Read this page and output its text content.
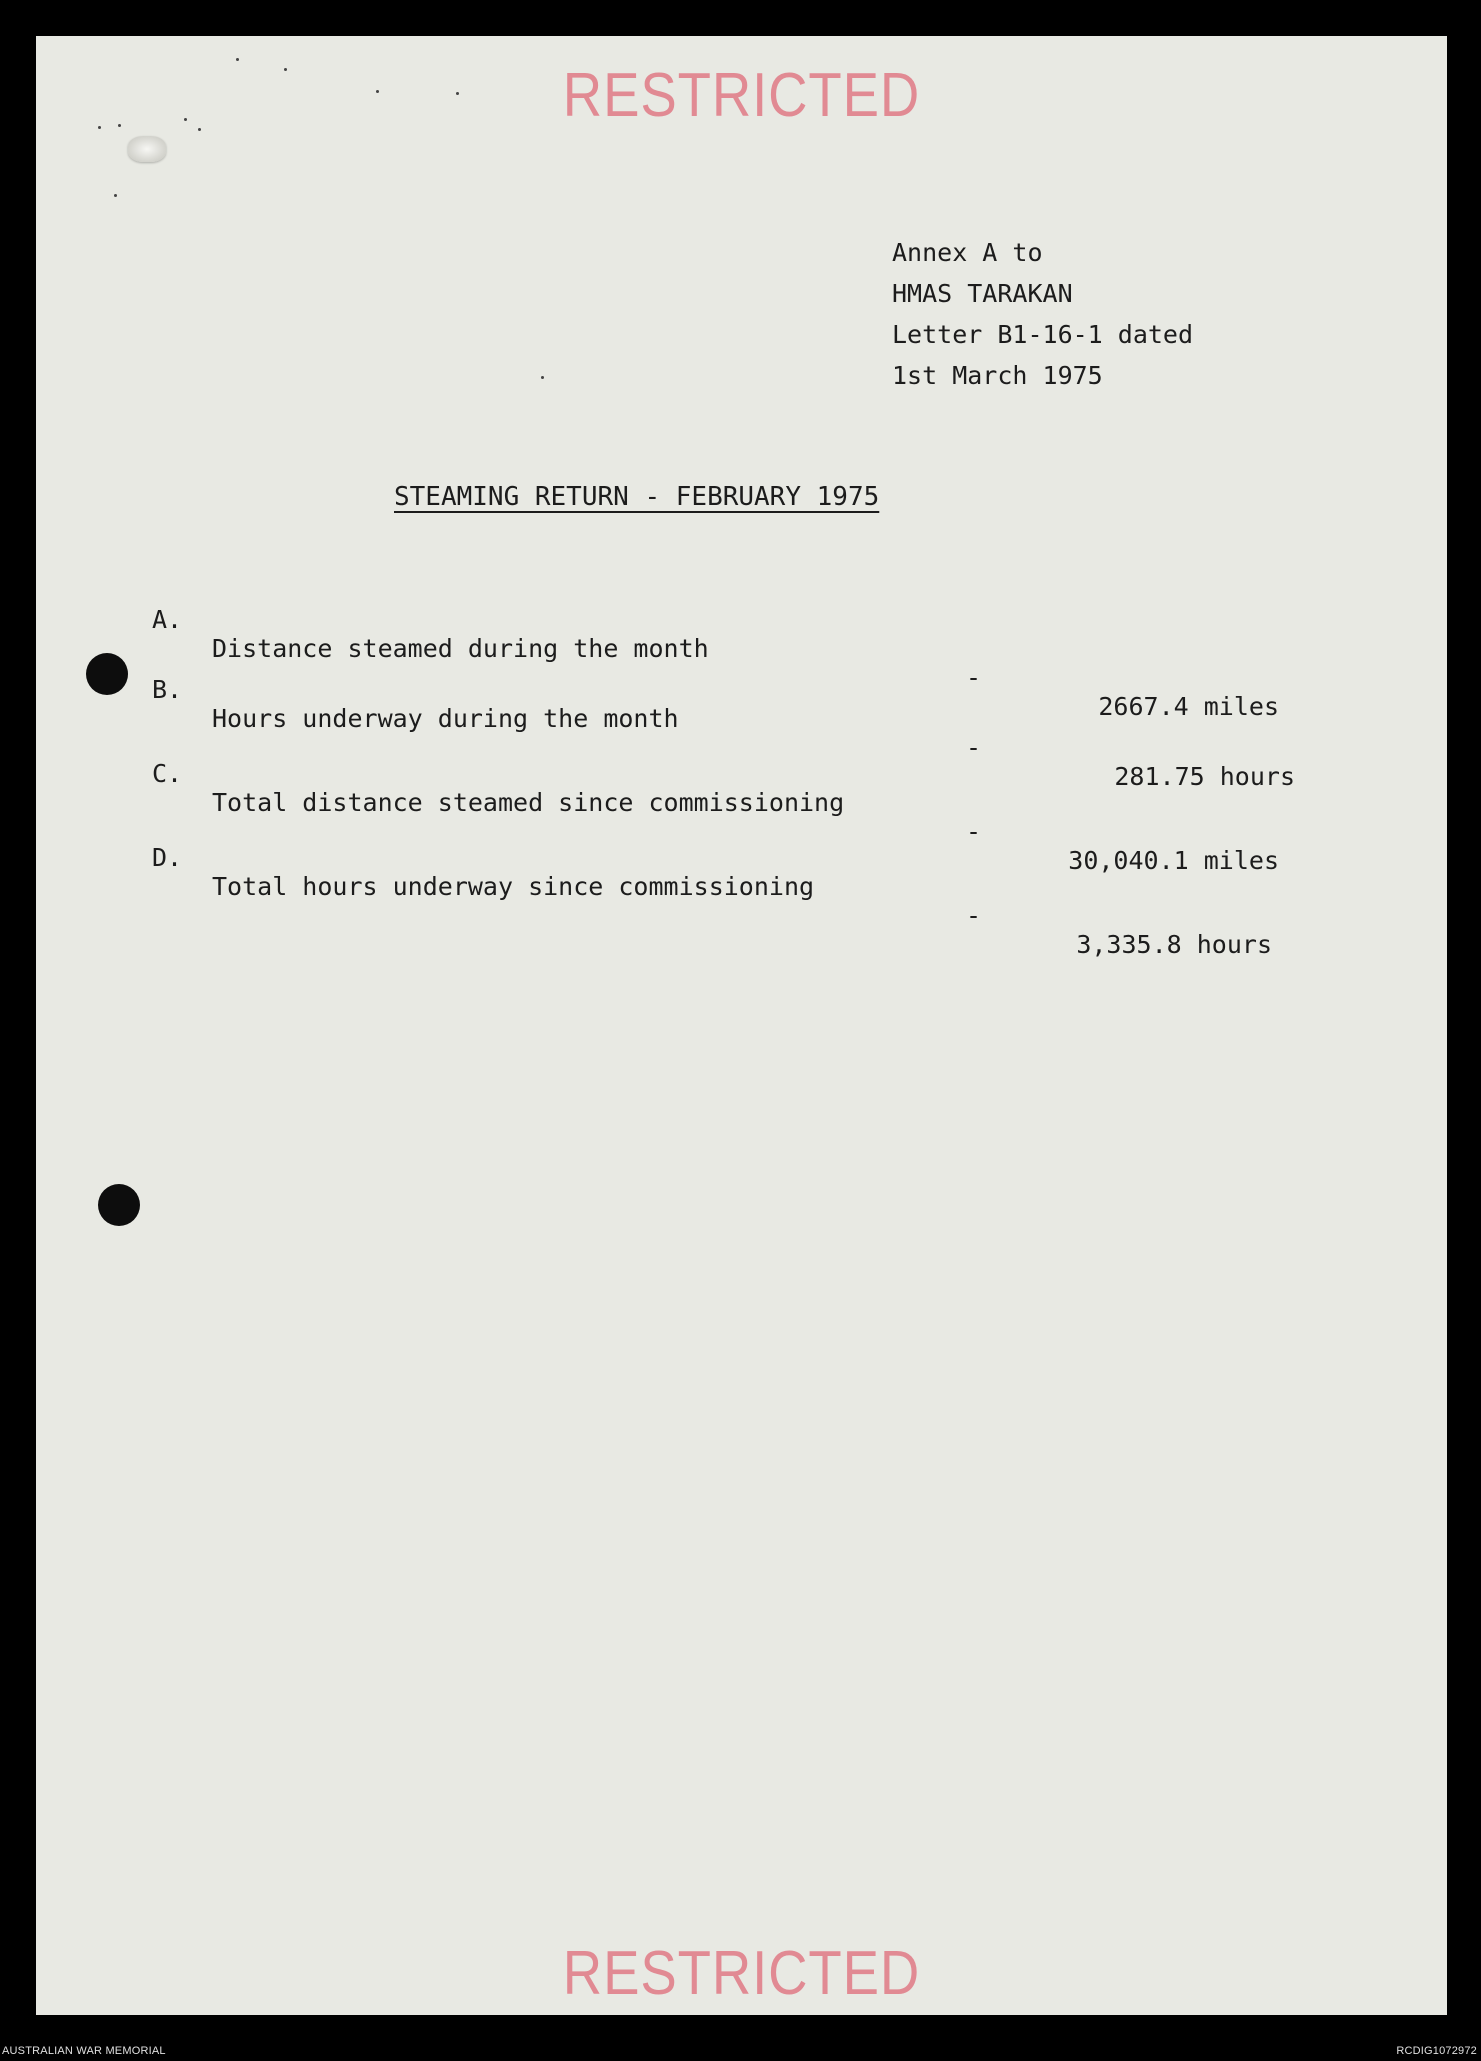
RESTRICTED
Annex A to
HMAS TARAKAN
Letter B1-16-1 dated
1st March 1975
STEAMING RETURN - FEBRUARY 1975

A.

Distance steamed during the month

-

2667.4 miles

B.

Hours underway during the month

-

281.75 hours

C.

Total distance steamed since commissioning

-

30,040.1 miles

D.

Total hours underway since commissioning

-

3,335.8 hours

RESTRICTED
AUSTRALIAN WAR MEMORIAL	RCDIG1072972
